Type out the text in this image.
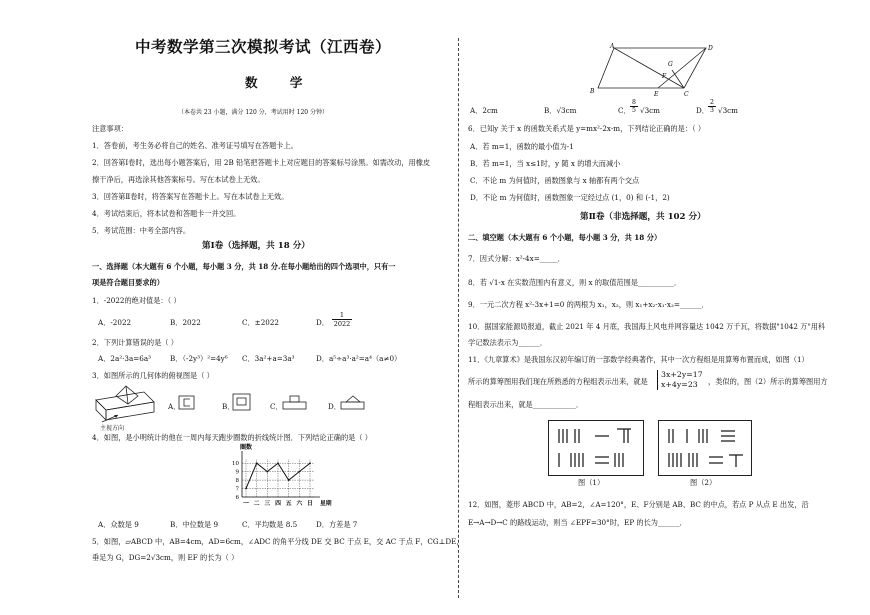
中考数学第三次模拟考试（江西卷）
数 学
（本卷共 23 小题，满分 120 分，考试用时 120 分钟）
注意事项：
1．答卷前，考生务必将自己的姓名、准考证号填写在答题卡上。
2．回答第Ⅰ卷时，选出每小题答案后，用 2B 铅笔把答题卡上对应题目的答案标号涂黑。如需改动，用橡皮
擦干净后，再选涂其他答案标号。写在本试卷上无效。
3．回答第Ⅱ卷时，将答案写在答题卡上。写在本试卷上无效。
4．考试结束后，将本试卷和答题卡一并交回。
5．考试范围：中考全部内容。
第Ⅰ卷（选择题，共 18 分）
一、选择题（本大题有 6 个小题，每小题 3 分，共 18 分.在每小题给出的四个选项中，只有一
项是符合题目要求的）
1．-2022的绝对值是：（ ）
A．-2022	B．2022	C．±2022	D．
1
2022
2．下列计算错误的是（ ）
A．2a²·3a=6a³	B．（-2y³）²=4y⁶ C．3a²+a=3a³	D．a⁵÷a³·a²=a⁴（a≠0）
3．如图所示的几何体的俯视图是（ ）
主视方向
A．	B．	C．	D．
4．如图，是小明统计的他在一周内每天跑步圈数的折线统计图．下列结论正确的是（ ）
圈数
6
7
8
9
10
一 二 三 四 五 六 日 星期
A．众数是 9	B．中位数是 9	C．平均数是 8.5	D．方差是 7
5．如图，▱ABCD 中，AB=4cm，AD=6cm，∠ADC 的角平分线 DE 交 BC 于点 E，交 AC 于点 F，CG⊥DE，
垂足为 G，DG=2√3cm，则 EF 的长为（ ）
A	D
B	E	C
F
G
A．2cm	B．√3cm	C．
8
5 √3cm	D．
2
3 √3cm
6．已知y 关于 x 的函数关系式是 y=mx²-2x-m，下列结论正确的是：（ ）
A．若 m=1，函数的最小值为-1
B．若 m=1，当 x≤1时，y 随 x 的增大而减小
C．不论 m 为何值时，函数图象与 x 轴都有两个交点
D．不论 m 为何值时，函数图象一定经过点 (1，0) 和 (-1，2)
第Ⅱ卷（非选择题，共 102 分）
二、填空题（本大题有 6 个小题，每小题 3 分，共 18 分）
7．因式分解：x²-4x=_____．
8．若 √1-x 在实数范围内有意义，则 x 的取值范围是__________．
9．一元二次方程 x²-3x+1=0 的两根为 x₁，x₂，则 x₁+x₂-x₁·x₂=______．
10．据国家能源局报道，截止 2021 年 4 月底，我国海上风电并网容量达 1042 万千瓦，将数据"1042 万"用科
学记数法表示为______．
11．《九章算术》是我国东汉初年编订的一部数学经典著作，其中一次方程组是用算筹布置而成，如图（1）
所示的算筹图用我们现在所熟悉的方程组表示出来，就是
3x+2y=17
x+4y=23	，类似的，图（2）所示的算筹图用方
程组表示出来，就是____________．
图（1）	图（2）
12．如图，菱形 ABCD 中，AB=2，∠A=120°，E、F分别是 AB、BC 的中点，若点 P 从点 E 出发，沿
E→A→D→C 的路线运动，则当 ∠EPF=30°时，EP 的长为______．
